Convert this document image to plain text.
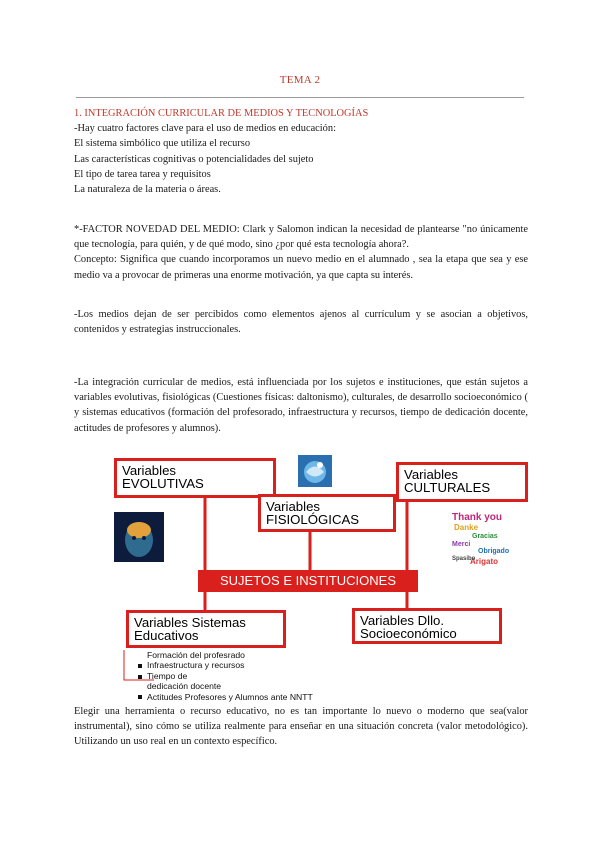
TEMA 2

1. INTEGRACIÓN CURRICULAR DE MEDIOS Y TECNOLOGÍAS

-Hay cuatro factores clave para el uso de medios en educación:

El sistema simbólico que utiliza el recurso

Las características cognitivas o potencialidades del sujeto

El tipo de tarea tarea y requisitos

La naturaleza de la materia o áreas.

*-FACTOR NOVEDAD DEL MEDIO: Clark y Salomon indican la necesidad de plantearse "no únicamente que tecnología, para quién, y de qué modo, sino ¿por qué esta tecnología ahora?.

Concepto: Significa que cuando incorporamos un nuevo medio en el alumnado , sea la etapa que sea y ese medio va a provocar de primeras una enorme motivación, ya que capta su interés.

-Los medios dejan de ser percibidos como elementos ajenos al currículum y se asocian a objetivos, contenidos y estrategias instruccionales.

-La integración curricular de medios, está influenciada por los sujetos e instituciones, que están sujetos a variables evolutivas, fisiológicas (Cuestiones físicas: daltonismo), culturales, de desarrollo socioeconómico ( y sistemas educativos (formación del profesorado, infraestructura y recursos, tiempo de dedicación docente, actitudes de profesores y alumnos).

Variables
EVOLUTIVAS
Variables
FISIOLÓGICAS
Variables
CULTURALES
Thank you
Danke
Gracias
Merci
Obrigado
Arigato
Spasibo
SUJETOS E INSTITUCIONES
Variables Sistemas
Educativos
Variables Dllo.
Socioeconómico
Formación del profesrado
Infraestructura y recursos
Tiempo de
dedicación docente
Actitudes Profesores y Alumnos ante NNTT

Elegir una herramienta o recurso educativo, no es tan importante lo nuevo o moderno que sea(valor instrumental), sino cómo se utiliza realmente para enseñar en una situación concreta (valor metodológico). Utilizando un uso real en un contexto específico.
